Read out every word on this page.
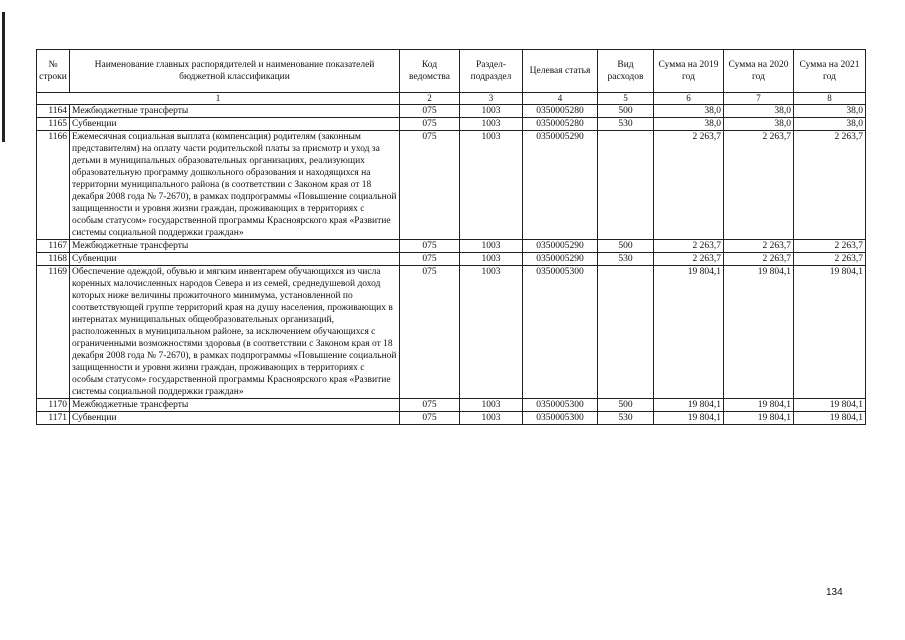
№ строки	Наименование главных распорядителей и наименование показателей бюджетной классификации	Код ведомства	Раздел-подраздел	Целевая статья	Вид расходов	Сумма на 2019 год	Сумма на 2020 год	Сумма на 2021 год
1		2	3	4	5	6	7	8
1164	Межбюджетные трансферты	075	1003	0350005280	500	38,0	38,0	38,0
1165	Субвенции	075	1003	0350005280	530	38,0	38,0	38,0
1166	Ежемесячная социальная выплата (компенсация) родителям (законным представителям) на оплату части родительской платы за присмотр и уход за детьми в муниципальных образовательных организациях, реализующих образовательную программу дошкольного образования и находящихся на территории муниципального района (в соответствии с Законом края от 18 декабря 2008 года № 7-2670), в рамках подпрограммы «Повышение социальной защищенности и уровня жизни граждан, проживающих в территориях с особым статусом» государственной программы Красноярского края «Развитие системы социальной поддержки граждан»	075	1003	0350005290		2 263,7	2 263,7	2 263,7
1167	Межбюджетные трансферты	075	1003	0350005290	500	2 263,7	2 263,7	2 263,7
1168	Субвенции	075	1003	0350005290	530	2 263,7	2 263,7	2 263,7
1169	Обеспечение одеждой, обувью и мягким инвентарем обучающихся из числа коренных малочисленных народов Севера и из семей, среднедушевой доход которых ниже величины прожиточного минимума, установленной по соответствующей группе территорий края на душу населения, проживающих в интернатах муниципальных общеобразовательных организаций, расположенных в муниципальном районе, за исключением обучающихся с ограниченными возможностями здоровья (в соответствии с Законом края от 18 декабря 2008 года № 7-2670), в рамках подпрограммы «Повышение социальной защищенности и уровня жизни граждан, проживающих в территориях с особым статусом» государственной программы Красноярского края «Развитие системы социальной поддержки граждан»	075	1003	0350005300		19 804,1	19 804,1	19 804,1
1170	Межбюджетные трансферты	075	1003	0350005300	500	19 804,1	19 804,1	19 804,1
1171	Субвенции	075	1003	0350005300	530	19 804,1	19 804,1	19 804,1
134
